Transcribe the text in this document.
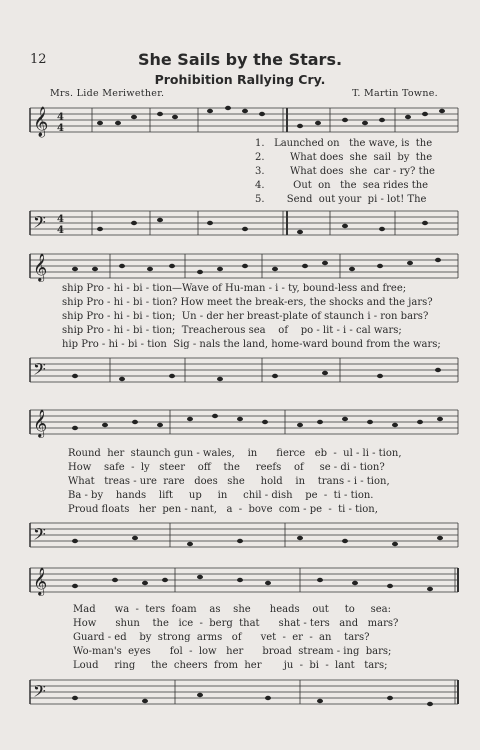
12	She Sails by the Stars.
Prohibition Rallying Cry.
Mrs. Lide Meriwether.	T. Martin Towne.
𝄞 4
4
1.   Launched on   the wave, is  the
2.        What does  she  sail  by  the
3.        What does  she  car - ry? the
4.         Out  on   the  sea rides the
5.       Send  out your  pi - lot! The
𝄢 4
4
𝄞
ship Pro - hi - bi - tion—Wave of Hu-man - i - ty, bound-less and free;
ship Pro - hi - bi - tion? How meet the break-ers, the shocks and the jars?
ship Pro - hi - bi - tion;  Un - der her breast-plate of staunch i - ron bars?
ship Pro - hi - bi - tion;  Treacherous sea    of    po - lit - i - cal wars;
hip Pro - hi - bi - tion  Sig - nals the land, home-ward bound from the wars;
𝄢
𝄞
Round  her  staunch gun - wales,    in      fierce   eb  -  ul - li - tion,
How    safe  -  ly   steer    off    the     reefs    of     se - di - tion?
What   treas - ure  rare   does   she     hold    in    trans - i - tion,
Ba - by    hands    lift     up     in     chil - dish    pe  -  ti - tion.
Proud floats   her  pen - nant,   a  -  bove  com - pe  -  ti - tion,
𝄢
𝄞
Mad      wa  -  ters  foam    as    she      heads    out     to     sea:
How      shun    the   ice  -  berg  that      shat - ters   and   mars?
Guard - ed    by  strong  arms   of      vet  -  er  -  an    tars?
Wo-man's  eyes      fol  -  low   her      broad  stream - ing  bars;
Loud     ring     the  cheers  from  her       ju  -  bi  -  lant   tars;
𝄢
